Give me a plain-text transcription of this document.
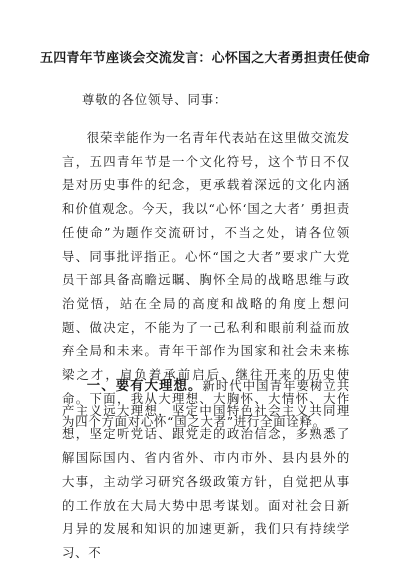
五四青年节座谈会交流发言：心怀国之大者勇担责任使命

尊敬的各位领导、同事：

很荣幸能作为一名青年代表站在这里做交流发言，五四青年节是一个文化符号，这个节日不仅是对历史事件的纪念，更承载着深远的文化内涵和价值观念。今天，我以“心怀‘国之大者’ 勇担责任使命”为题作交流研讨，不当之处，请各位领导、同事批评指正。心怀“国之大者”要求广大党员干部具备高瞻远瞩、胸怀全局的战略思维与政治觉悟，站在全局的高度和战略的角度上想问题、做决定，不能为了一己私利和眼前利益而放弃全局和未来。青年干部作为国家和社会未来栋梁之才，肩负着承前启后、继往开来的历史使命。下面，我从大理想、大胸怀、大情怀、大作为四个方面对心怀“国之大者”进行全面诠释。

一、要有大理想。新时代中国青年要树立共产主义远大理想，坚定中国特色社会主义共同理想，坚定听党话、跟党走的政治信念，多熟悉了解国际国内、省内省外、市内市外、县内县外的大事，主动学习研究各级政策方针，自觉把从事的工作放在大局大势中思考谋划。面对社会日新月异的发展和知识的加速更新，我们只有持续学习、不
